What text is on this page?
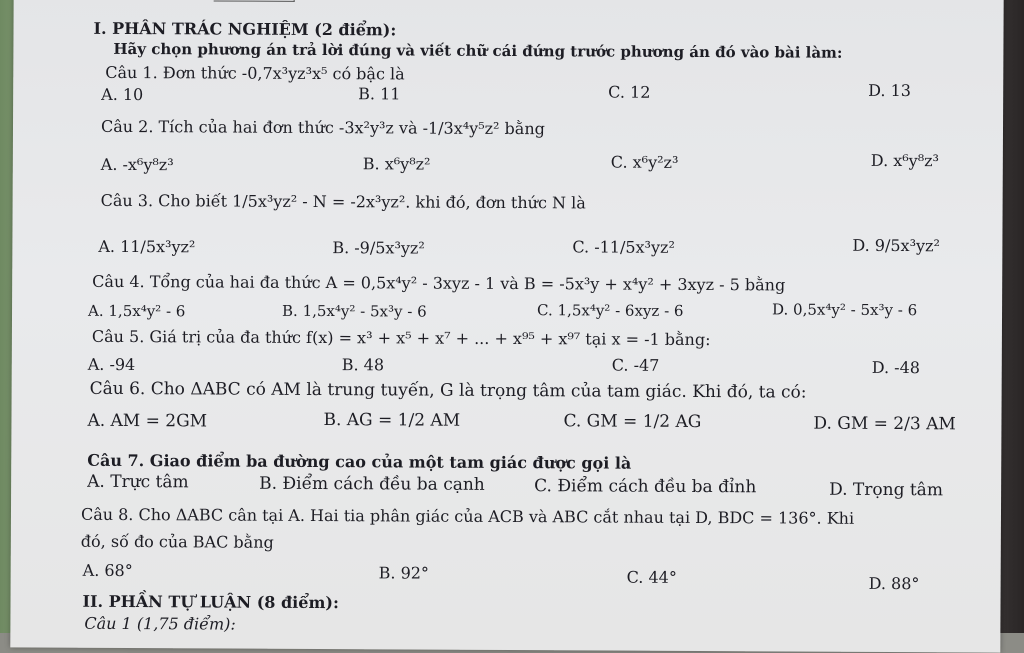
I. PHÂN TRÁC NGHIỆM (2 điểm):
Hãy chọn phương án trả lời đúng và viết chữ cái đứng trước phương án đó vào bài làm:
Câu 1. Đơn thức -0,7x³yz³x⁵ có bậc là
A. 10	B. 11	C. 12	D. 13
Câu 2. Tích của hai đơn thức -3x²y³z và -1/3x⁴y⁵z² bằng
A. -x⁶y⁸z³	B. x⁶y⁸z²	C. x⁶y²z³	D. x⁶y⁸z³
Câu 3. Cho biết 1/5x³yz² - N = -2x³yz². khi đó, đơn thức N là
A. 11/5x³yz²	B. -9/5x³yz²	C. -11/5x³yz²	D. 9/5x³yz²
Câu 4. Tổng của hai đa thức A = 0,5x⁴y² - 3xyz - 1 và B = -5x³y + x⁴y² + 3xyz - 5 bằng
A. 1,5x⁴y² - 6	B. 1,5x⁴y² - 5x³y - 6	C. 1,5x⁴y² - 6xyz - 6	D. 0,5x⁴y² - 5x³y - 6
Câu 5. Giá trị của đa thức f(x) = x³ + x⁵ + x⁷ + ... + x⁹⁵ + x⁹⁷ tại x = -1 bằng:
A. -94	B. 48	C. -47	D. -48
Câu 6. Cho ΔABC có AM là trung tuyến, G là trọng tâm của tam giác. Khi đó, ta có:
A. AM = 2GM	B. AG = 1/2 AM	C. GM = 1/2 AG	D. GM = 2/3 AM
Câu 7. Giao điểm ba đường cao của một tam giác được gọi là
A. Trực tâm	B. Điểm cách đều ba cạnh	C. Điểm cách đều ba đỉnh	D. Trọng tâm
Câu 8. Cho ΔABC cân tại A. Hai tia phân giác của ACB và ABC cắt nhau tại D, BDC = 136°. Khi
đó, số đo của BAC bằng
A. 68°	B. 92°	C. 44°	D. 88°
II. PHẦN TỰ LUẬN (8 điểm):
Câu 1 (1,75 điểm):
